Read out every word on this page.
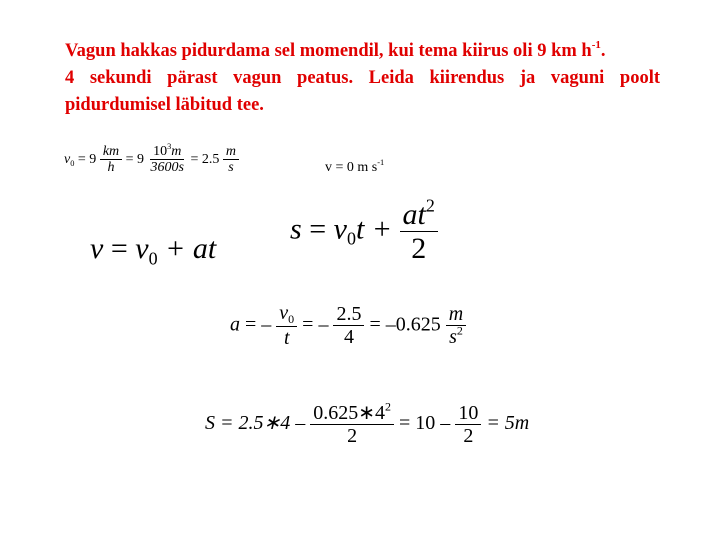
Vagun hakkas pidurdama sel momendil, kui tema kiirus oli 9 km $h^{-1}$.

4 sekundi pärast vagun peatus. Leida kiirendus ja vaguni poolt pidurdumisel läbitud tee.

$v_0 = 9 \frac{km}{h} = 9 \frac{10^3m}{3600s} = 2.5 \frac{m}{s}$	v = 0 m $s^{-1}$
$v = v_0$ + at
$s = v_0t + \frac{at^2}{2}$
a = – $\frac{v_0}{t}$ = – $\frac{2.5}{4} = -0.625 \frac{m}{s^2}$
S = 2.5∗4 – $\frac{0.625∗4^2}{2} = 10 - \frac{10}{2} = 5m$
